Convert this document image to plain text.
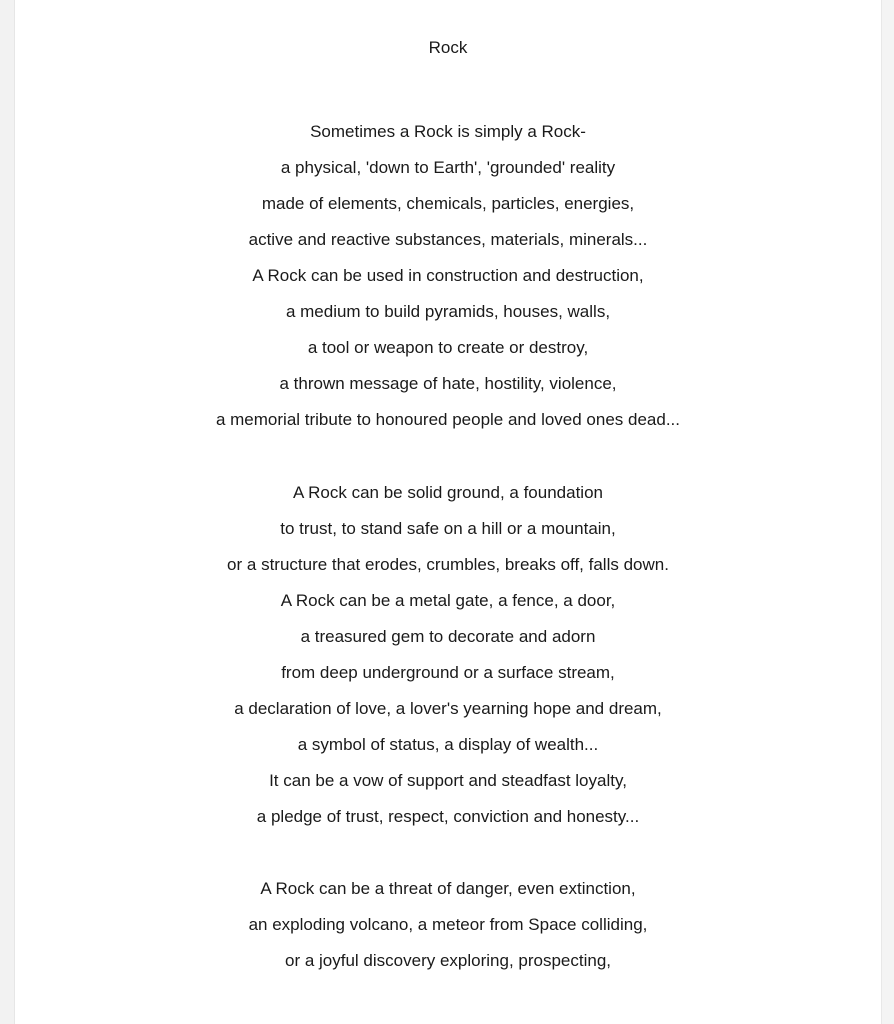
Rock
Sometimes a Rock is simply a Rock-
a physical, 'down to Earth', 'grounded' reality
made of elements, chemicals, particles, energies,
active and reactive substances, materials, minerals...
A Rock can be used in construction and destruction,
a medium to build pyramids, houses, walls,
a tool or weapon to create or destroy,
a thrown message of hate, hostility, violence,
a memorial tribute to honoured people and loved ones dead...
A Rock can be solid ground, a foundation
to trust, to stand safe on a hill or a mountain,
or a structure that erodes, crumbles, breaks off, falls down.
A Rock can be a metal gate, a fence, a door,
a treasured gem to decorate and adorn
from deep underground or a surface stream,
a declaration of love, a lover's yearning hope and dream,
a symbol of status, a display of wealth...
It can be a vow of support and steadfast loyalty,
a pledge of trust, respect, conviction and honesty...
A Rock can be a threat of danger, even extinction,
an exploding volcano, a meteor from Space colliding,
or a joyful discovery exploring, prospecting,
